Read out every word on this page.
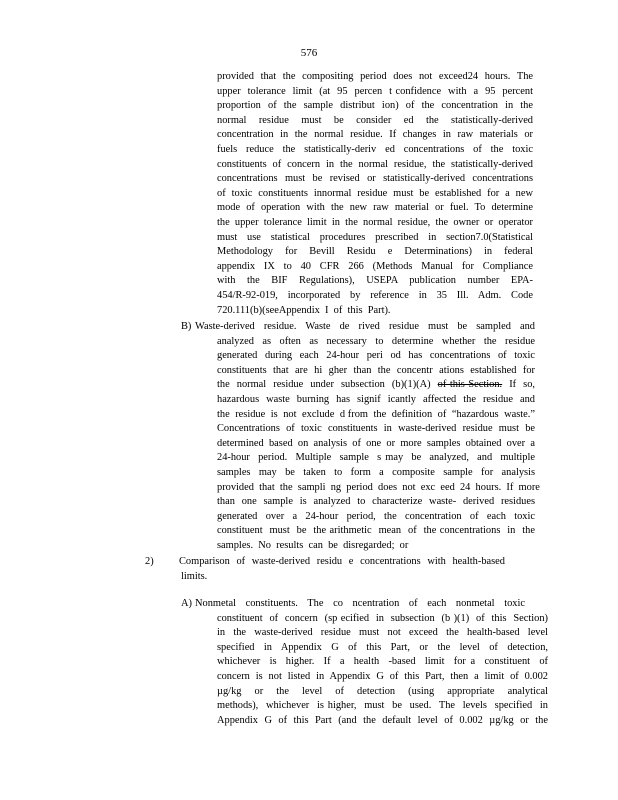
576
provided  that  the  compositing  period  does  not  exceed24  hours.  The
upper  tolerance  limit  (at  95  percen  t confidence  with  a  95  percent
proportion  of  the  sample  distribut  ion)  of  the  concentration  in  the
normal  residue  must  be  consider  ed  the  statistically-derived
concentration  in  the  normal  residue.  If  changes  in  raw  materials  or
fuels  reduce  the  statistically-deriv  ed  concentrations  of  the  toxic
constituents  of  concern  in  the  normal  residue,  the  statistically-derived
concentrations  must  be  revised  or  statistically-derived  concentrations
of  toxic  constituents  innormal  residue  must  be  established  for  a  new
mode  of  operation  with  the  new  raw  material  or  fuel.  To  determine
the  upper  tolerance  limit  in  the  normal  residue,  the  owner  or  operator
must  use  statistical  procedures  prescribed  in  section7.0(Statistical
Methodology  for  Bevill  Residu  e  Determinations)  in  federal
appendix  IX  to  40  CFR  266  (Methods  Manual  for  Compliance
with  the  BIF  Regulations),  USEPA  publication  number  EPA-
454/R-92-019,  incorporated  by  reference  in  35  Ill.  Adm.  Code
720.111(b)(seeAppendix  I  of  this  Part).
B) Waste-derived  residue.  Waste  de  rived  residue  must  be  sampled  and
analyzed  as  often  as  necessary  to  determine  whether  the  residue
generated  during  each  24-hour  peri  od  has  concentrations  of  toxic
constituents  that  are  hi  gher  than  the  concentr  ations  established  for
the  normal  residue  under  subsection  (b)(1)(A)  of this Section.  If  so,
hazardous  waste  burning  has  signif  icantly  affected  the  residue  and
the  residue  is  not  exclude  d from  the  definition  of  “hazardous  waste.”
Concentrations  of  toxic  constituents  in  waste-derived  residue  must  be
determined  based  on  analysis  of  one  or  more  samples  obtained  over  a
24-hour  period.  Multiple  sample  s may  be  analyzed,  and  multiple
samples  may  be  taken  to  form  a  composite  sample  for  analysis
provided  that  the  sampli  ng  period  does  not  exc  eed  24  hours.  If  more
than  one  sample  is  analyzed  to  characterize  waste-  derived  residues
generated  over  a  24-hour  period,  the  concentration  of  each  toxic
constituent  must  be  the arithmetic  mean  of  the concentrations  in  the
samples.  No  results  can  be  disregarded;  or
2) Comparison  of  waste-derived  residu  e  concentrations  with  health-based
limits.
A) Nonmetal  constituents.  The  co  ncentration  of  each  nonmetal  toxic
constituent  of  concern  (sp ecified  in  subsection  (b )(1)  of  this  Section)
in  the  waste-derived  residue  must  not  exceed  the  health-based  level
specified  in  Appendix  G  of  this  Part,  or  the  level  of  detection,
whichever  is  higher.  If  a  health  -based  limit  for a  constituent  of
concern  is  not  listed  in  Appendix  G  of  this  Part,  then  a  limit  of  0.002
µg/kg  or  the  level  of  detection  (using  appropriate  analytical
methods),  whichever  is higher,  must  be  used.  The  levels  specified  in
Appendix  G  of  this  Part  (and  the  default  level  of  0.002  µg/kg  or  the
